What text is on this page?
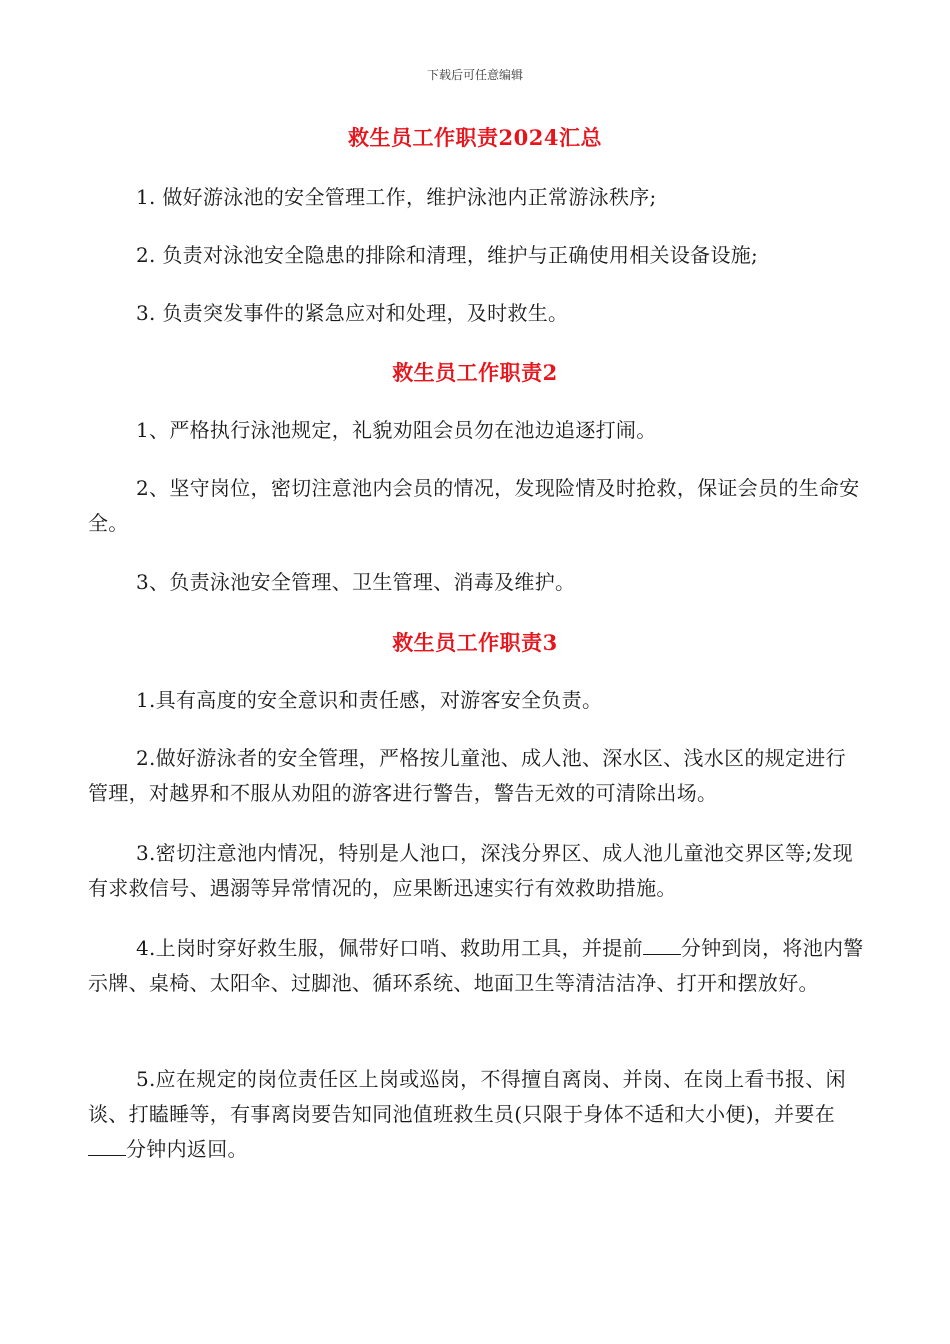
下载后可任意编辑
救生员工作职责2024汇总

1. 做好游泳池的安全管理工作，维护泳池内正常游泳秩序;

2. 负责对泳池安全隐患的排除和清理，维护与正确使用相关设备设施;

3. 负责突发事件的紧急应对和处理，及时救生。

救生员工作职责2

1、严格执行泳池规定，礼貌劝阻会员勿在池边追逐打闹。

2、坚守岗位，密切注意池内会员的情况，发现险情及时抢救，保证会员的生命安全。

3、负责泳池安全管理、卫生管理、消毒及维护。

救生员工作职责3

1.具有高度的安全意识和责任感，对游客安全负责。

2.做好游泳者的安全管理，严格按儿童池、成人池、深水区、浅水区的规定进行管理，对越界和不服从劝阻的游客进行警告，警告无效的可清除出场。

3.密切注意池内情况，特别是人池口，深浅分界区、成人池儿童池交界区等;发现有求救信号、遇溺等异常情况的，应果断迅速实行有效救助措施。

4.上岗时穿好救生服，佩带好口哨、救助用工具，并提前 分钟到岗，将池内警示牌、桌椅、太阳伞、过脚池、循环系统、地面卫生等清洁洁净、打开和摆放好。

5.应在规定的岗位责任区上岗或巡岗，不得擅自离岗、并岗、在岗上看书报、闲谈、打瞌睡等，有事离岗要告知同池值班救生员(只限于身体不适和大小便)，并要在分钟内返回。
